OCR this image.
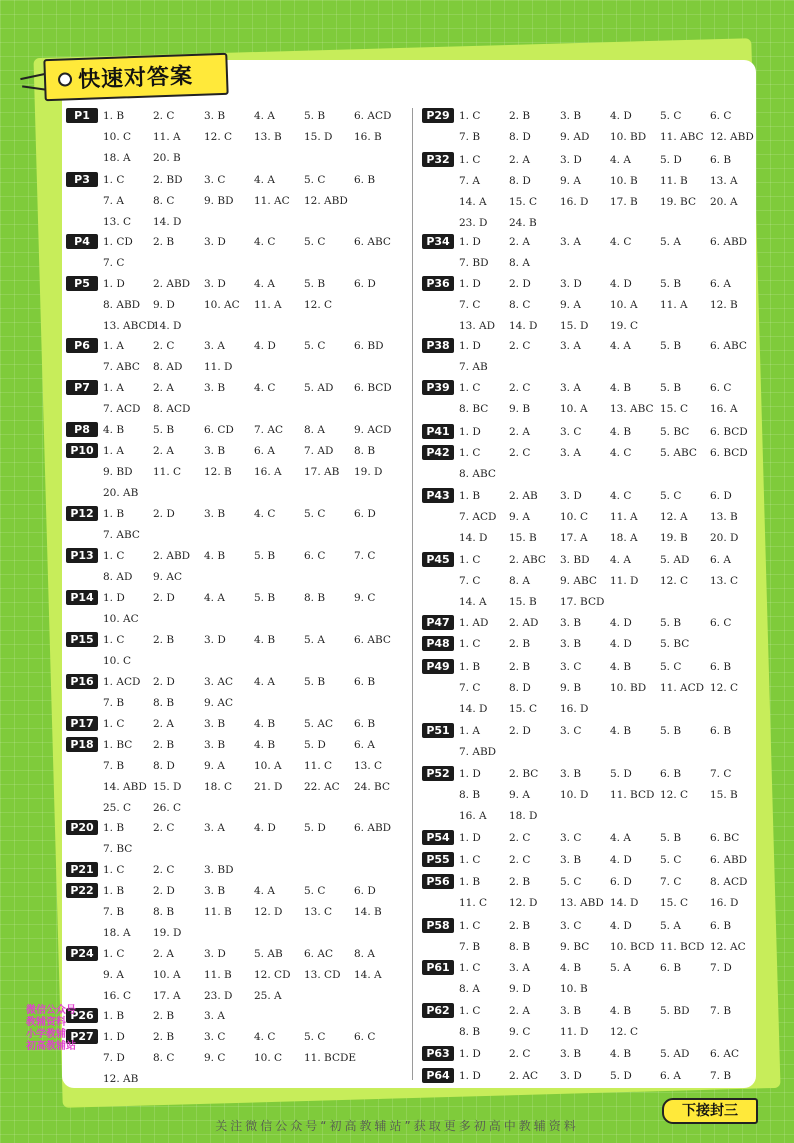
快速对答案
P1	1. B	2. C	3. B	4. A	5. B	6. ACD
10. C 11. A 12. C 13. B 15. D 16. B
18. A 20. B
P3	1. C	2. BD 3. C	4. A	5. C	6. B
7. A	8. C	9. BD 11. AC 12. ABD
13. C 14. D
P4	1. CD 2. B	3. D	4. C	5. C	6. ABC
7. C
P5	1. D	2. ABD 3. D	4. A	5. B	6. D
8. ABD 9. D	10. AC 11. A 12. C
13. ABCD
14. D
P6	1. A	2. C	3. A	4. D	5. C	6. BD
7. ABC 8. AD 11. D
P7	1. A	2. A	3. B	4. C	5. AD 6. BCD
7. ACD 8. ACD
P8	4. B	5. B	6. CD 7. AC 8. A	9. ACD
P10 1. A	2. A	3. B	6. A	7. AD 8. B
9. BD 11. C 12. B 16. A 17. AB 19. D
20. AB
P12 1. B	2. D	3. B	4. C	5. C	6. D
7. ABC
P13 1. C	2. ABD 4. B	5. B	6. C	7. C
8. AD 9. AC
P14 1. D	2. D	4. A	5. B	8. B	9. C
10. AC
P15 1. C	2. B	3. D	4. B	5. A	6. ABC
10. C
P16 1. ACD 2. D	3. AC 4. A	5. B	6. B
7. B	8. B	9. AC
P17 1. C	2. A	3. B	4. B	5. AC 6. B
P18 1. BC 2. B	3. B	4. B	5. D	6. A
7. B	8. D	9. A	10. A 11. C 13. C
14. ABD 15. D 18. C 21. D 22. AC 24. BC
25. C 26. C
P20 1. B	2. C	3. A	4. D	5. D	6. ABD
7. BC
P21 1. C	2. C	3. BD
P22 1. B	2. D	3. B	4. A	5. C	6. D
7. B	8. B	11. B 12. D 13. C 14. B
18. A 19. D
P24 1. C	2. A	3. D	5. AB 6. AC 8. A
9. A	10. A 11. B 12. CD 13. CD 14. A
16. C 17. A 23. D 25. A
P26 1. B	2. B	3. A
P27 1. D	2. B	3. C	4. C	5. C	6. C
7. D	8. C	9. C	10. C 11. BCDE
12. AB
P29 1. C	2. B	3. B	4. D	5. C	6. C
7. B	8. D	9. AD 10. BD 11. ABC 12. ABD
P32 1. C	2. A	3. D	4. A	5. D	6. B
7. A	8. D	9. A	10. B 11. B 13. A
14. A 15. C 16. D 17. B 19. BC 20. A
23. D 24. B
P34 1. D	2. A	3. A	4. C	5. A	6. ABD
7. BD 8. A
P36 1. D	2. D	3. D	4. D	5. B	6. A
7. C	8. C	9. A	10. A 11. A 12. B
13. AD 14. D 15. D 19. C
P38 1. D	2. C	3. A	4. A	5. B	6. ABC
7. AB
P39 1. C	2. C	3. A	4. B	5. B	6. C
8. BC 9. B	10. A 13. ABC 15. C 16. A
P41 1. D	2. A	3. C	4. B	5. BC 6. BCD
P42 1. C	2. C	3. A	4. C	5. ABC 6. BCD
8. ABC
P43 1. B	2. AB 3. D	4. C	5. C	6. D
7. ACD 9. A	10. C 11. A 12. A 13. B
14. D 15. B 17. A 18. A 19. B 20. D
P45 1. C	2. ABC 3. BD 4. A	5. AD 6. A
7. C	8. A	9. ABC 11. D 12. C 13. C
14. A 15. B 17. BCD
P47 1. AD 2. AD 3. B	4. D	5. B	6. C
P48 1. C	2. B	3. B	4. D	5. BC
P49 1. B	2. B	3. C	4. B	5. C	6. B
7. C	8. D	9. B	10. BD 11. ACD 12. C
14. D 15. C 16. D
P51 1. A	2. D	3. C	4. B	5. B	6. B
7. ABD
P52 1. D	2. BC 3. B	5. D	6. B	7. C
8. B	9. A	10. D 11. BCD 12. C 15. B
16. A 18. D
P54 1. D	2. C	3. C	4. A	5. B	6. BC
P55 1. C	2. C	3. B	4. D	5. C	6. ABD
P56 1. B	2. B	5. C	6. D	7. C	8. ACD
11. C 12. D 13. ABD 14. D 15. C 16. D
P58 1. C	2. B	3. C	4. D	5. A	6. B
7. B	8. B	9. BC 10. BCD 11. BCD 12. AC
P61 1. C	3. A	4. B	5. A	6. B	7. D
8. A	9. D	10. B
P62 1. C	2. A	3. B	4. B	5. BD 7. B
8. B	9. C	11. D 12. C
P63 1. D	2. C	3. B	4. B	5. AD 6. AC
P64 1. D	2. AC 3. D	5. D	6. A	7. B
微信公众号
教辅资料
小学教辅
初高教辅站
下接封三
关注微信公众号“初高教辅站”获取更多初高中教辅资料
